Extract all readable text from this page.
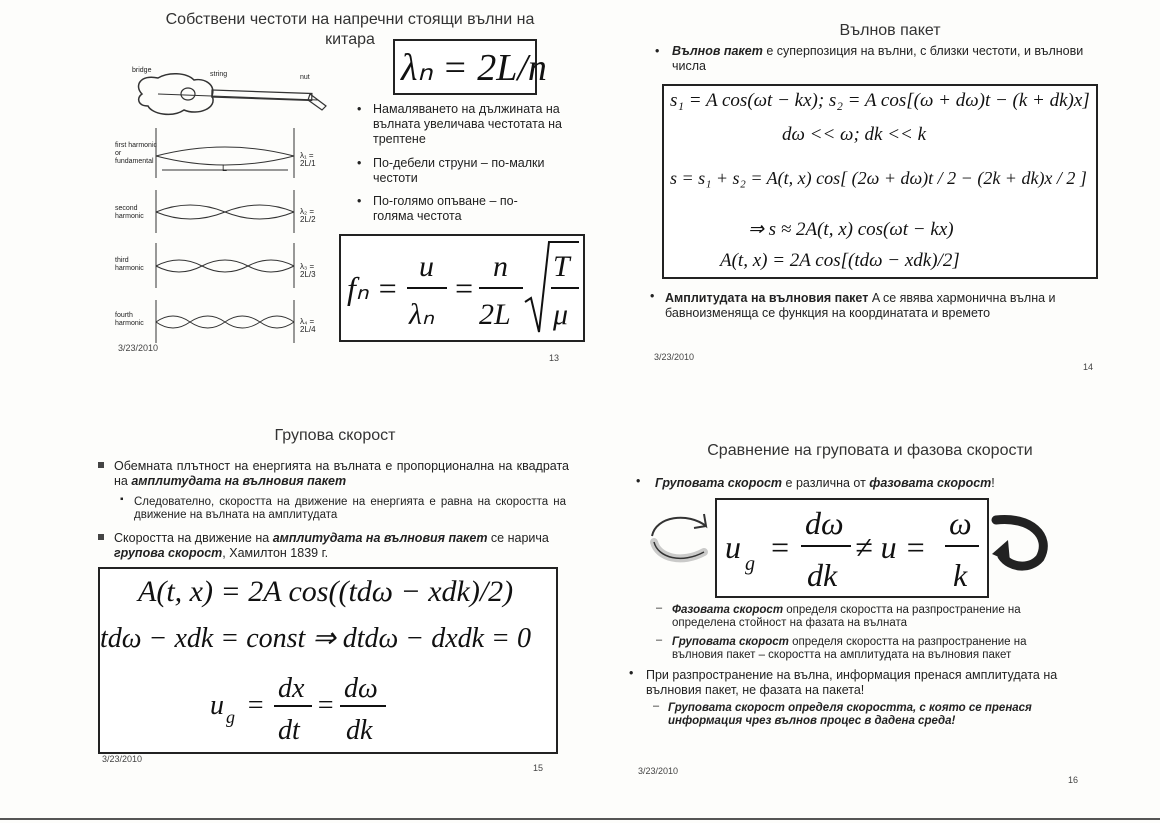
Собствени честоти на напречни стоящи вълни на
китара
λₙ = 2L/n
bridge
string	nut
first harmonic or fundamental
second harmonic
third harmonic
fourth harmonic
L
λ₁ = 2L/1
λ₂ = 2L/2
λ₃ = 2L/3
λ₄ = 2L/4
• Намаляването на дължината на вълната увеличава честотата на трептене
• По-дебели струни – по-малки честоти
• По-голямо опъване – по-голяма честота
fₙ =
u
λₙ
=
n
2L
T
μ
3/23/2010
13
Вълнов пакет
• Вълнов пакет е суперпозиция на вълни, с близки честоти, и вълнови числа
s₁ = A cos(ωt − kx); s₂ = A cos[(ω + dω)t − (k + dk)x]
dω << ω; dk << k
s = s₁ + s₂ = A(t, x) cos[ (2ω + dω)t / 2 − (2k + dk)x / 2 ]
⇒ s ≈ 2A(t, x) cos(ωt − kx)
A(t, x) = 2A cos[(tdω − xdk)/2]
• Амплитудата на вълновия пакет A се явява хармонична вълна и бавноизменяща се функция на координатата и времето
3/23/2010
14
Групова скорост
Обемната плътност на енергията на вълната е пропорционална на квадрата на амплитудата на вълновия пакет
▪ Следователно, скоростта на движение на енергията е равна на скоростта на движение на вълната на амплитудата
Скоростта на движение на амплитудата на вълновия пакет се нарича групова скорост, Хамилтон 1839 г.
A(t, x) = 2A cos((tdω − xdk)/2)
tdω − xdk = const ⇒ dtdω − dxdk = 0
u g =
dx
dt
=
dω
dk
3/23/2010
15
Сравнение на груповата и фазова скорости
• Груповата скорост е различна от фазовата скорост!
u g =
dω
dk
≠ u =
ω
k
– Фазовата скорост определя скоростта на разпространение на определена стойност на фазата на вълната
– Груповата скорост определя скоростта на разпространение на вълновия пакет – скоростта на амплитудата на вълновия пакет
• При разпространение на вълна, информация пренася амплитудата на вълновия пакет, не фазата на пакета!
– Груповата скорост определя скоростта, с която се пренася информация чрез вълнов процес в дадена среда!
3/23/2010
16
